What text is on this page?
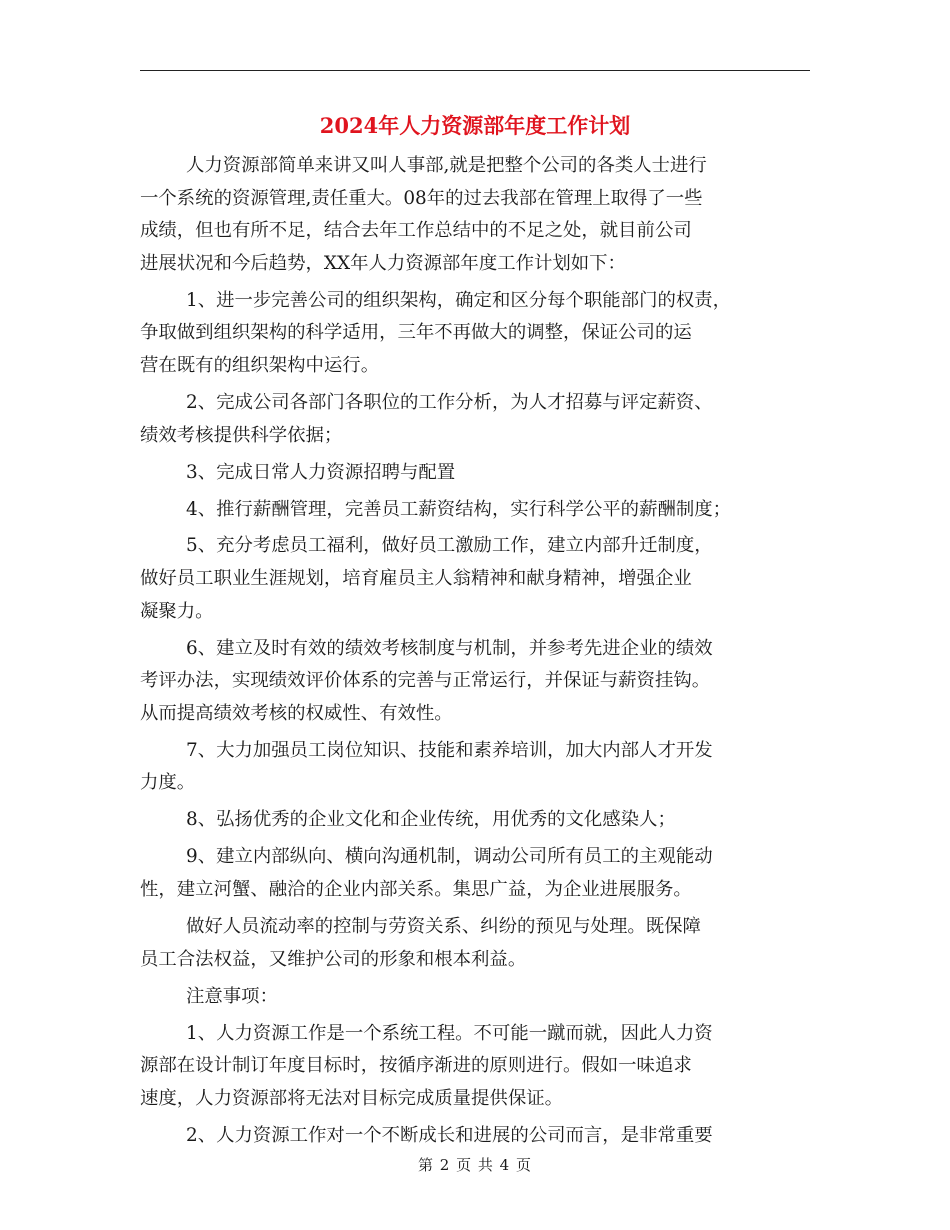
2024年人力资源部年度工作计划
人力资源部简单来讲又叫人事部,就是把整个公司的各类人士进行
一个系统的资源管理,责任重大。08年的过去我部在管理上取得了一些
成绩，但也有所不足，结合去年工作总结中的不足之处，就目前公司
进展状况和今后趋势，XX年人力资源部年度工作计划如下：
1、进一步完善公司的组织架构，确定和区分每个职能部门的权责，
争取做到组织架构的科学适用，三年不再做大的调整，保证公司的运
营在既有的组织架构中运行。
2、完成公司各部门各职位的工作分析，为人才招募与评定薪资、
绩效考核提供科学依据；
3、完成日常人力资源招聘与配置
4、推行薪酬管理，完善员工薪资结构，实行科学公平的薪酬制度；
5、充分考虑员工福利，做好员工激励工作，建立内部升迁制度，
做好员工职业生涯规划，培育雇员主人翁精神和献身精神，增强企业
凝聚力。
6、建立及时有效的绩效考核制度与机制，并参考先进企业的绩效
考评办法，实现绩效评价体系的完善与正常运行，并保证与薪资挂钩。
从而提高绩效考核的权威性、有效性。
7、大力加强员工岗位知识、技能和素养培训，加大内部人才开发
力度。
8、弘扬优秀的企业文化和企业传统，用优秀的文化感染人；
9、建立内部纵向、横向沟通机制，调动公司所有员工的主观能动
性，建立河蟹、融洽的企业内部关系。集思广益，为企业进展服务。
做好人员流动率的控制与劳资关系、纠纷的预见与处理。既保障
员工合法权益，又维护公司的形象和根本利益。
注意事项：
1、人力资源工作是一个系统工程。不可能一蹴而就，因此人力资
源部在设计制订年度目标时，按循序渐进的原则进行。假如一味追求
速度，人力资源部将无法对目标完成质量提供保证。
2、人力资源工作对一个不断成长和进展的公司而言，是非常重要
第 2 页 共 4 页
